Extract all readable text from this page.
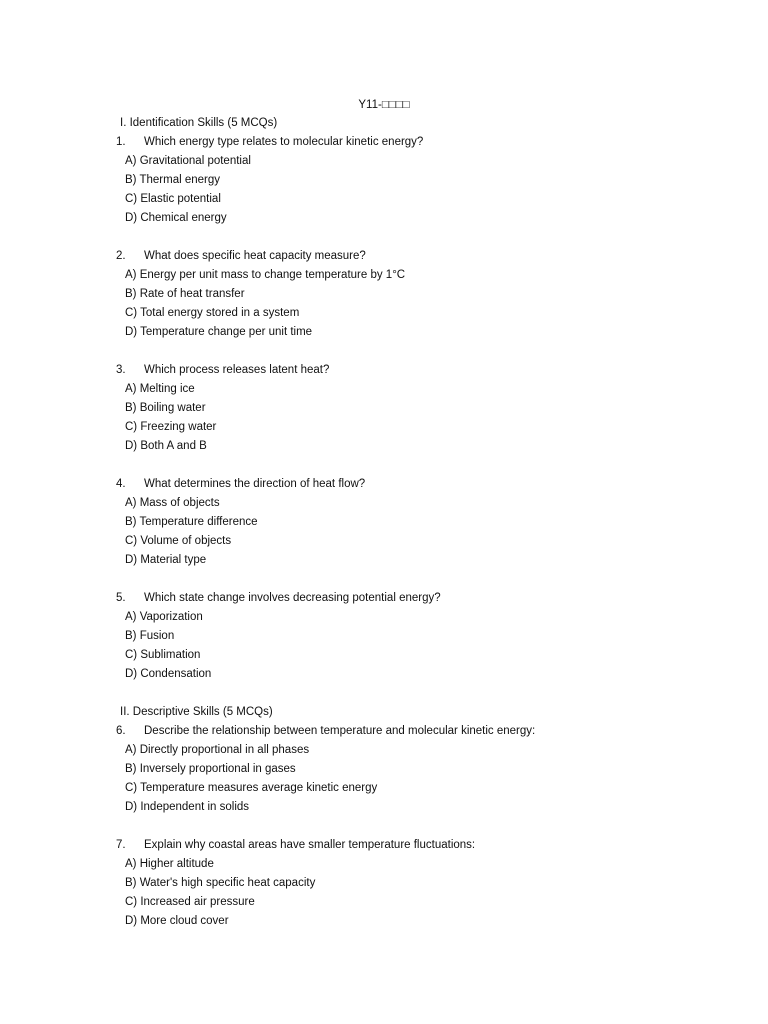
Y11-□□□□
I. Identification Skills (5 MCQs)
1.	Which energy type relates to molecular kinetic energy?
A) Gravitational potential
B) Thermal energy
C) Elastic potential
D) Chemical energy
2.	What does specific heat capacity measure?
A) Energy per unit mass to change temperature by 1°C
B) Rate of heat transfer
C) Total energy stored in a system
D) Temperature change per unit time
3.	Which process releases latent heat?
A) Melting ice
B) Boiling water
C) Freezing water
D) Both A and B
4.	What determines the direction of heat flow?
A) Mass of objects
B) Temperature difference
C) Volume of objects
D) Material type
5.	Which state change involves decreasing potential energy?
A) Vaporization
B) Fusion
C) Sublimation
D) Condensation
II. Descriptive Skills (5 MCQs)
6.	Describe the relationship between temperature and molecular kinetic energy:
A) Directly proportional in all phases
B) Inversely proportional in gases
C) Temperature measures average kinetic energy
D) Independent in solids
7.	Explain why coastal areas have smaller temperature fluctuations:
A) Higher altitude
B) Water's high specific heat capacity
C) Increased air pressure
D) More cloud cover
